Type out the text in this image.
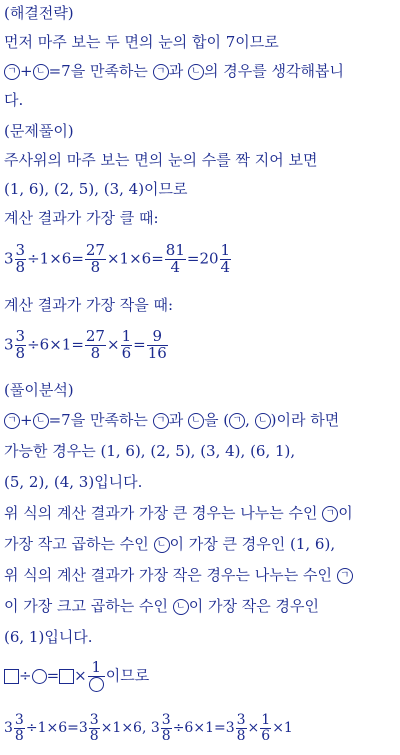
(해결전략)
먼저 마주 보는 두 면의 눈의 합이 7이므로
ㄱ + ㄴ =7을 만족하는 ㄱ 과 ㄴ 의 경우를 생각해봅니
다.
(문제풀이)
주사위의 마주 보는 면의 눈의 수를 짝 지어 보면
(1, 6), (2, 5), (3, 4)이므로
계산 결과가 가장 클 때:
$3 \frac{3}{8} \div 1\times 6= \frac{27}{8} \times 1\times 6= \frac{81}{4} =20 \frac{1}{4}$
계산 결과가 가장 작을 때:
$3 \frac{3}{8} \div 6\times 1= \frac{27}{8} \times \frac{1}{6} = \frac{9}{16}$
(풀이분석)
ㄱ + ㄴ =7을 만족하는 ㄱ 과 ㄴ 을 ( ㄱ , ㄴ )이라 하면
가능한 경우는 (1, 6), (2, 5), (3, 4), (6, 1),
(5, 2), (4, 3)입니다.
위 식의 계산 결과가 가장 큰 경우는 나누는 수인 ㄱ 이
가장 작고 곱하는 수인 ㄴ 이 가장 큰 경우인 (1, 6),
위 식의 계산 결과가 가장 작은 경우는 나누는 수인 ㄱ
이 가장 크고 곱하는 수인 ㄴ 이 가장 작은 경우인
(6, 1)입니다.
÷ = × 1 이므로
$3 \frac{3}{8} \div 1\times 6=3 \frac{3}{8} \times 1\times 6$, $3 \frac{3}{8} \div 6\times 1=3 \frac{3}{8} \times \frac{1}{6} \times 1$
